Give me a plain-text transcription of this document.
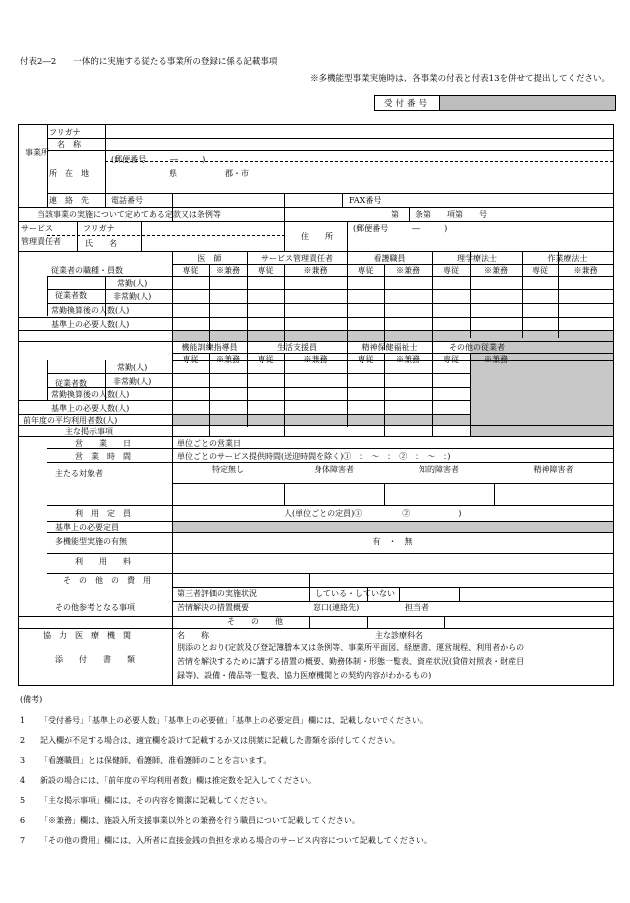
付表2―2　　一体的に実施する従たる事業所の登録に係る記載事項
※多機能型事業実施時は、各事業の付表と付表13を併せて提出してください。
受付番号
事業所
フリガナ
名　称
所　在　地
(郵便番号　　　―　　　)
県　　　　　　郡・市
連　絡　先	電話番号	FAX番号
当該事業の実施について定めてある定款又は条例等	第　　条第　　項第　　号
サービス
管理責任者
フリガナ
氏　　名
住　　所
(郵便番号　　　―　　　)
従業者の職種・員数
医　師	サービス管理責任者	看護職員	理学療法士	作業療法士
専従	※兼務	専従	※兼務	専従	※兼務	専従	※兼務	専従	※兼務
従業者数
常勤(人)
非常勤(人)
常勤換算後の人数(人)
基準上の必要人数(人)
機能訓練指導員	生活支援員	精神保健福祉士	その他の従業者
専従	※兼務	専従	※兼務	専従	※兼務	専従	※兼務
従業者数
常勤(人)
非常勤(人)
常勤換算後の人数(人)
基準上の必要人数(人)
前年度の平均利用者数(人)
主な掲示事項
営　　業　　日	単位ごとの営業日
営　業　時　間	単位ごとのサービス提供時間(送迎時間を除く)①　：　～　：　②　：　～　：)
主たる対象者	特定無し	身体障害者	知的障害者	精神障害者
利　用　定　員	人(単位ごとの定員)①　　　　　②　　　　　　)
基準上の必要定員
多機能型実施の有無	有　・　無
利　　用　　料
そ　の　他　の　費　用
その他参考となる事項
第三者評価の実施状況	している・していない
苦情解決の措置概要	窓口(連絡先)	担当者
そ　　の　　他
協　力　医　療　機　関	名　　称	主な診療科名
添　　付　　書　　類
別添のとおり(定款及び登記簿謄本又は条例等、事業所平面図、経歴書、運営規程、利用者からの
苦情を解決するために講ずる措置の概要、勤務体制・形態一覧表、資産状況(貸借対照表・財産目
録等)、設備・備品等一覧表、協力医療機関との契約内容がわかるもの)
(備考)
1 「受付番号」「基準上の必要人数」「基準上の必要値」「基準上の必要定員」欄には、記載しないでください。
2 記入欄が不足する場合は、適宜欄を設けて記載するか又は別葉に記載した書類を添付してください。
3 「看護職員」とは保健師、看護師、准看護師のことを言います。
4 新設の場合には、「前年度の平均利用者数」欄は推定数を記入してください。
5 「主な掲示事項」欄には、その内容を簡潔に記載してください。
6 「※兼務」欄は、施設入所支援事業以外との兼務を行う職員について記載してください。
7 「その他の費用」欄には、入所者に直接金銭の負担を求める場合のサービス内容について記載してください。
